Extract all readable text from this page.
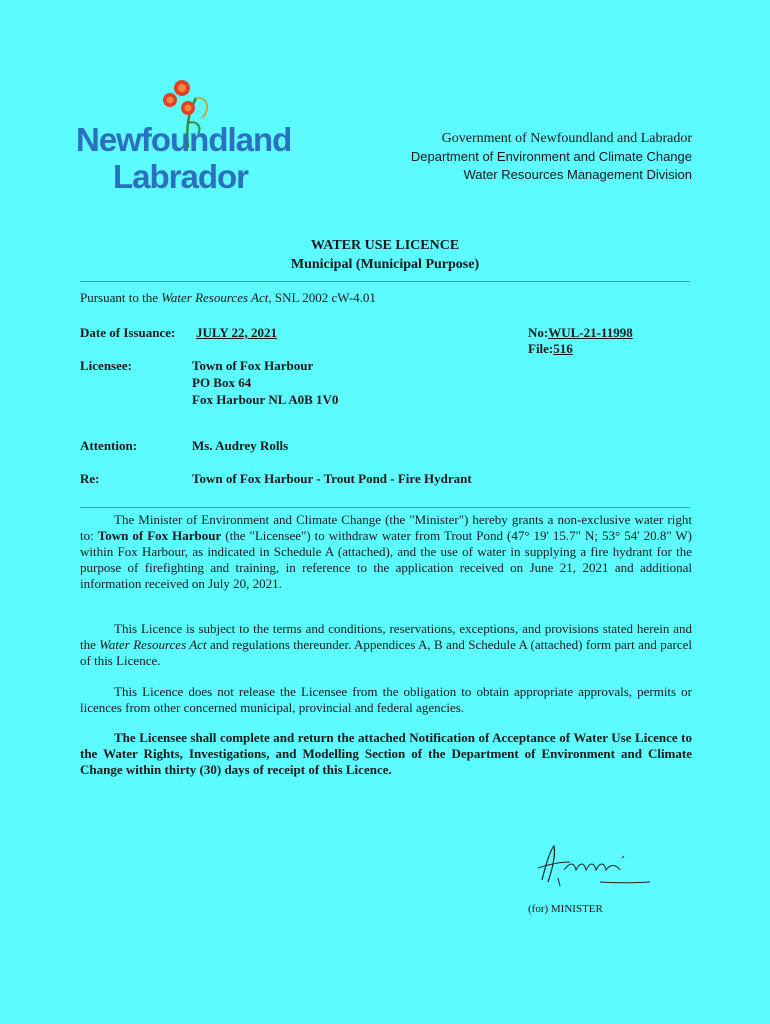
Newfoundland
Labrador
Government of Newfoundland and Labrador
Department of Environment and Climate Change
Water Resources Management Division
WATER USE LICENCE
Municipal (Municipal Purpose)
Pursuant to the Water Resources Act, SNL 2002 cW-4.01
Date of Issuance: JULY 22, 2021	No:WUL-21-11998
File:516
Licensee:	Town of Fox Harbour
PO Box 64
Fox Harbour NL A0B 1V0
Attention:	Ms. Audrey Rolls
Re:	Town of Fox Harbour - Trout Pond - Fire Hydrant
The Minister of Environment and Climate Change (the "Minister") hereby grants a non-exclusive water right to: Town of Fox Harbour (the "Licensee") to withdraw water from Trout Pond (47° 19' 15.7" N; 53° 54' 20.8" W) within Fox Harbour, as indicated in Schedule A (attached), and the use of water in supplying a fire hydrant for the purpose of firefighting and training, in reference to the application received on June 21, 2021 and additional information received on July 20, 2021.
This Licence is subject to the terms and conditions, reservations, exceptions, and provisions stated herein and the Water Resources Act and regulations thereunder. Appendices A, B and Schedule A (attached) form part and parcel of this Licence.
This Licence does not release the Licensee from the obligation to obtain appropriate approvals, permits or licences from other concerned municipal, provincial and federal agencies.
The Licensee shall complete and return the attached Notification of Acceptance of Water Use Licence to the Water Rights, Investigations, and Modelling Section of the Department of Environment and Climate Change within thirty (30) days of receipt of this Licence.
(for) MINISTER
